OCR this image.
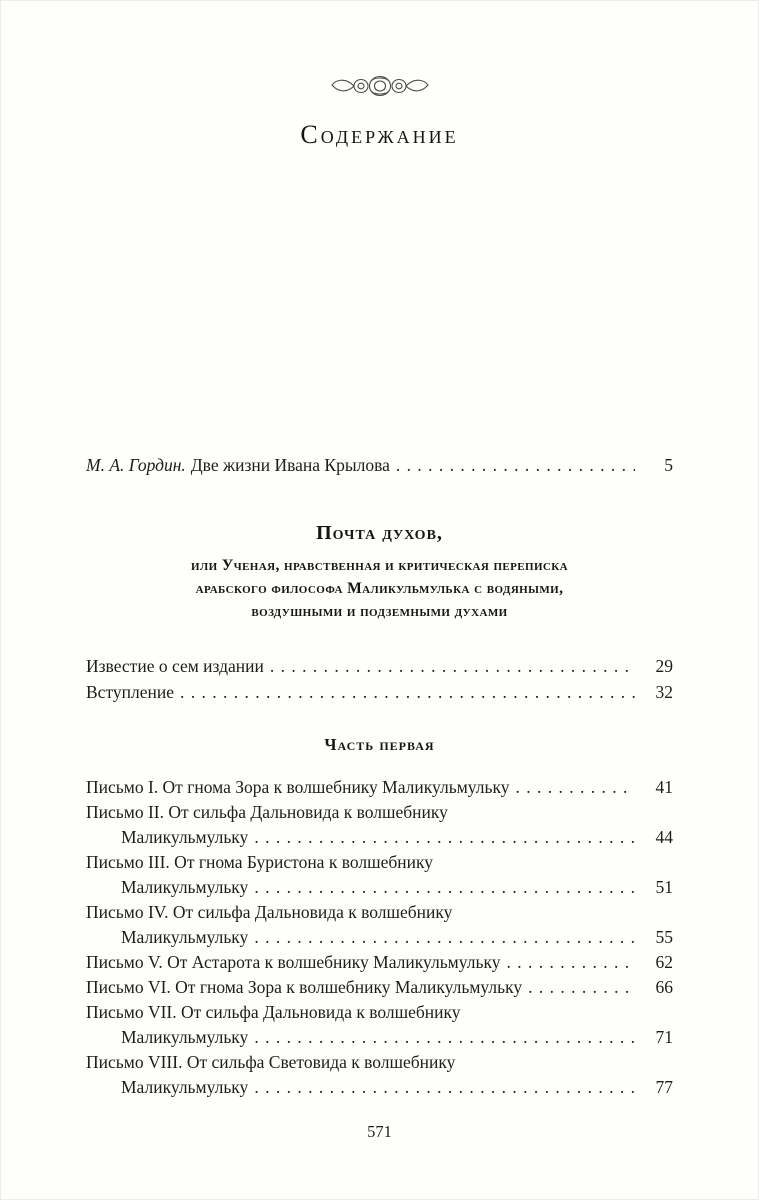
Содержание
М. А. Гордин. Две жизни Ивана Крылова . . .	5
Почта духов,
или Ученая, нравственная и критическая переписка
арабского философа Маликульмулька с водяными,
воздушными и подземными духами
Известие о сем издании . . .	29
Вступление . . .	32
Часть первая
Письмо I. От гнома Зора к волшебнику Маликульмульку . . .	41
Письмо II. От сильфа Дальновида к волшебнику
Маликульмульку . . .	44
Письмо III. От гнома Буристона к волшебнику
Маликульмульку . . .	51
Письмо IV. От сильфа Дальновида к волшебнику
Маликульмульку . . .	55
Письмо V. От Астарота к волшебнику Маликульмульку . . .	62
Письмо VI. От гнома Зора к волшебнику Маликульмульку . . .	66
Письмо VII. От сильфа Дальновида к волшебнику
Маликульмульку . . .	71
Письмо VIII. От сильфа Световида к волшебнику
Маликульмульку . . .	77
571
